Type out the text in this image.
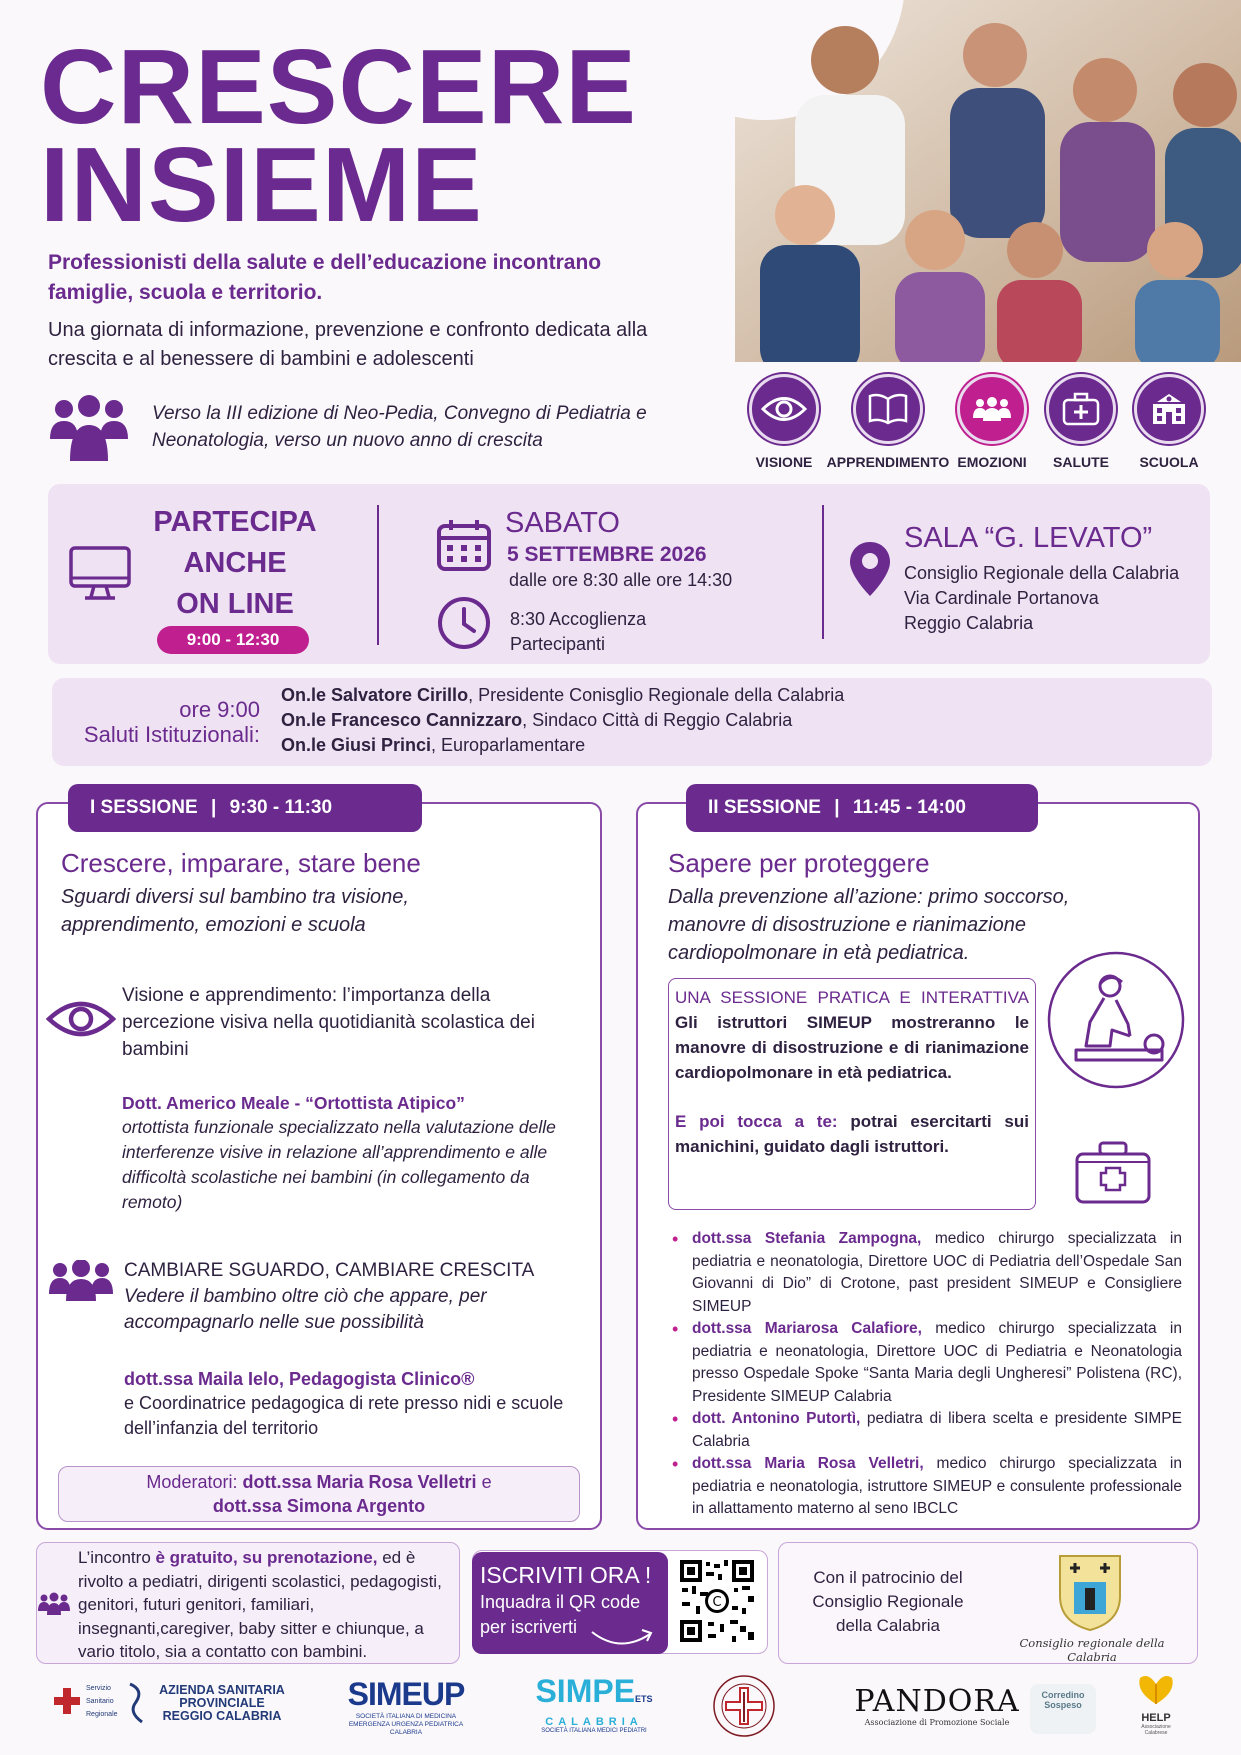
CRESCERE
INSIEME
Professionisti della salute e dell’educazione incontrano famiglie, scuola e territorio.
Una giornata di informazione, prevenzione e confronto dedicata alla crescita e al benessere di bambini e adolescenti
Verso la III edizione di Neo-Pedia, Convegno di Pediatria e Neonatologia, verso un nuovo anno di crescita
VISIONE	APPRENDIMENTO EMOZIONI	SALUTE	SCUOLA
PARTECIPA
ANCHE
ON LINE
9:00 - 12:30
SABATO
5 SETTEMBRE 2026
dalle ore 8:30 alle ore 14:30
8:30 Accoglienza
Partecipanti
SALA “G. LEVATO”
Consiglio Regionale della Calabria
Via Cardinale Portanova
Reggio Calabria
ore 9:00
Saluti Istituzionali:
On.le Salvatore Cirillo, Presidente Conisglio Regionale della Calabria
On.le Francesco Cannizzaro, Sindaco Città di Reggio Calabria
On.le Giusi Princi, Europarlamentare
I SESSIONE | 9:30 - 11:30
Crescere, imparare, stare bene
Sguardi diversi sul bambino tra visione, apprendimento, emozioni e scuola
Visione e apprendimento: l’importanza della percezione visiva nella quotidianità scolastica dei bambini
Dott. Americo Meale - “Ortottista Atipico”
ortottista funzionale specializzato nella valutazione delle interferenze visive in relazione all’apprendimento e alle difficoltà scolastiche nei bambini (in collegamento da remoto)
CAMBIARE SGUARDO, CAMBIARE CRESCITA
Vedere il bambino oltre ciò che appare, per accompagnarlo nelle sue possibilità
dott.ssa Maila Ielo, Pedagogista Clinico®
e Coordinatrice pedagogica di rete presso nidi e scuole dell’infanzia del territorio
Moderatori: dott.ssa Maria Rosa Velletri e
dott.ssa Simona Argento
II SESSIONE | 11:45 - 14:00
Sapere per proteggere
Dalla prevenzione all’azione: primo soccorso, manovre di disostruzione e rianimazione cardiopolmonare in età pediatrica.
UNA SESSIONE PRATICA E INTERATTIVA
Gli istruttori SIMEUP mostreranno le manovre di disostruzione e di rianimazione cardiopolmonare in età pediatrica.
E poi tocca a te: potrai esercitarti sui manichini, guidato dagli istruttori.
• dott.ssa Stefania Zampogna, medico chirurgo specializzata in pediatria e neonatologia, Direttore UOC di Pediatria dell’Ospedale San Giovanni di Dio” di Crotone, past president SIMEUP e Consigliere SIMEUP
• dott.ssa Mariarosa Calafiore, medico chirurgo specializzata in pediatria e neonatologia, Direttore UOC di Pediatria e Neonatologia presso Ospedale Spoke “Santa Maria degli Ungheresi” Polistena (RC), Presidente SIMEUP Calabria
• dott. Antonino Putortì, pediatra di libera scelta e presidente SIMPE Calabria
• dott.ssa Maria Rosa Velletri, medico chirurgo specializzata in pediatria e neonatologia, istruttore SIMEUP e consulente professionale in allattamento materno al seno IBCLC
L’incontro è gratuito, su prenotazione, ed è rivolto a pediatri, dirigenti scolastici, pedagogisti, genitori, futuri genitori, familiari, insegnanti,caregiver, baby sitter e chiunque, a vario titolo, sia a contatto con bambini.
ISCRIVITI ORA !
Inquadra il QR code
per iscriverti
C
Con il patrocinio del Consiglio Regionale della Calabria
Consiglio regionale della Calabria
Servizio
Sanitario
Regionale
AZIENDA SANITARIA
PROVINCIALE
REGGIO CALABRIA
SIMEUP
SOCIETÀ ITALIANA DI MEDICINA
EMERGENZA URGENZA PEDIATRICA
CALABRIA
SIMPEETS
CALABRIA
SOCIETÀ ITALIANA MEDICI PEDIATRI
PANDORA
Associazione di Promozione Sociale
Corredino
Sospeso
HELP
Associazione Calabrese
